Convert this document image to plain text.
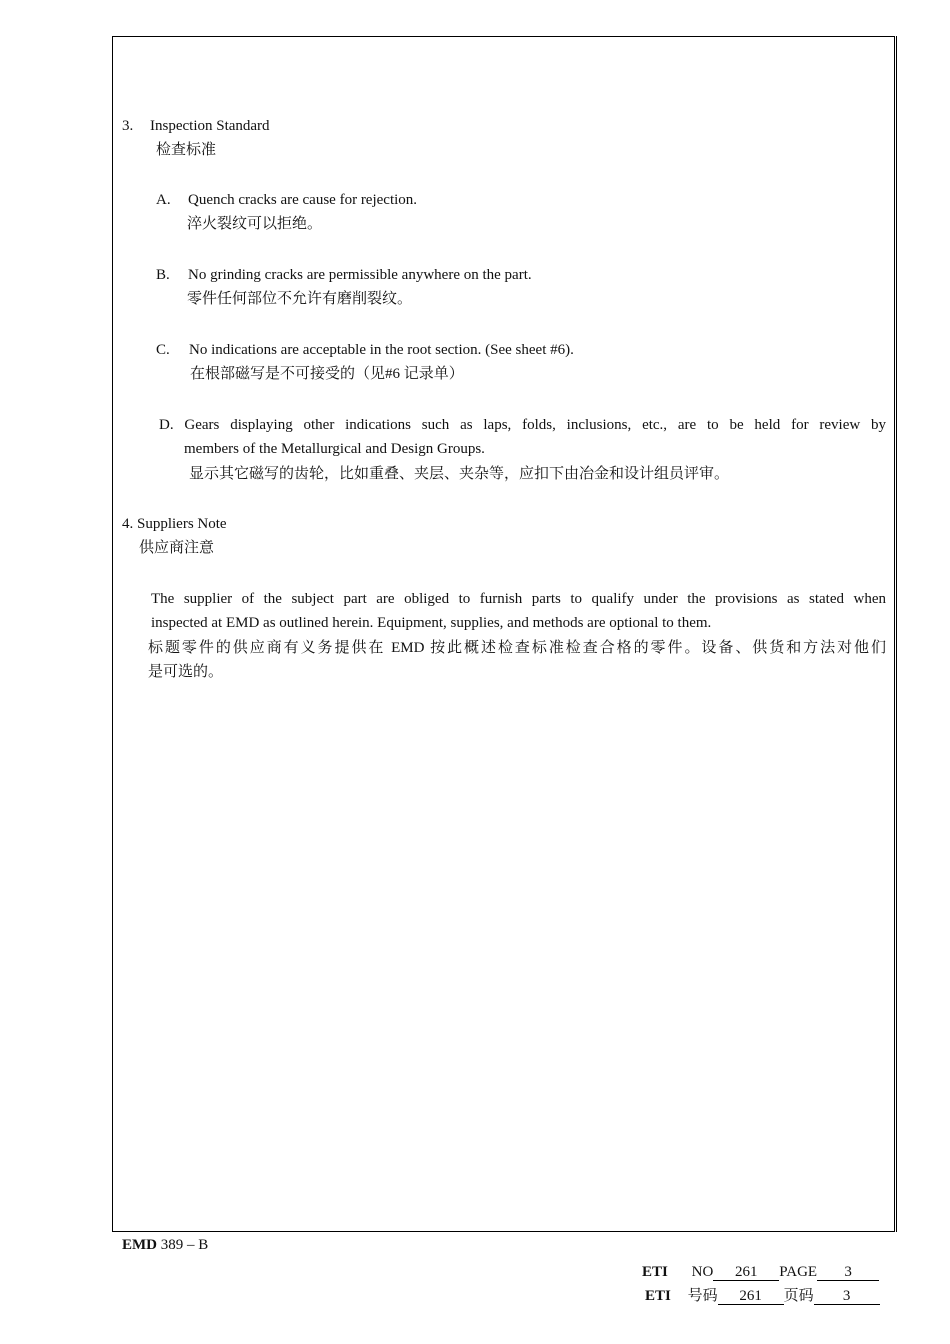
3. Inspection Standard
检查标准
A. Quench cracks are cause for rejection.
淬火裂纹可以拒绝。
B. No grinding cracks are permissible anywhere on the part.
零件任何部位不允许有磨削裂纹。
C. No indications are acceptable in the root section. (See sheet #6).
在根部磁写是不可接受的（见#6 记录单）
D. Gears displaying other indications such as laps, folds, inclusions, etc., are to be held for review by
members of the Metallurgical and Design Groups.
显示其它磁写的齿轮，比如重叠、夹层、夹杂等，应扣下由冶金和设计组员评审。
4. Suppliers Note
供应商注意
The supplier of the subject part are obliged to furnish parts to qualify under the provisions as stated when
inspected at EMD as outlined herein. Equipment, supplies, and methods are optional to them.
标题零件的供应商有义务提供在 EMD 按此概述检查标准检查合格的零件。设备、供货和方法对他们
是可选的。
EMD 389 – B
ETI NO 261 PAGE 3
ETI 号码 261 页码 3
